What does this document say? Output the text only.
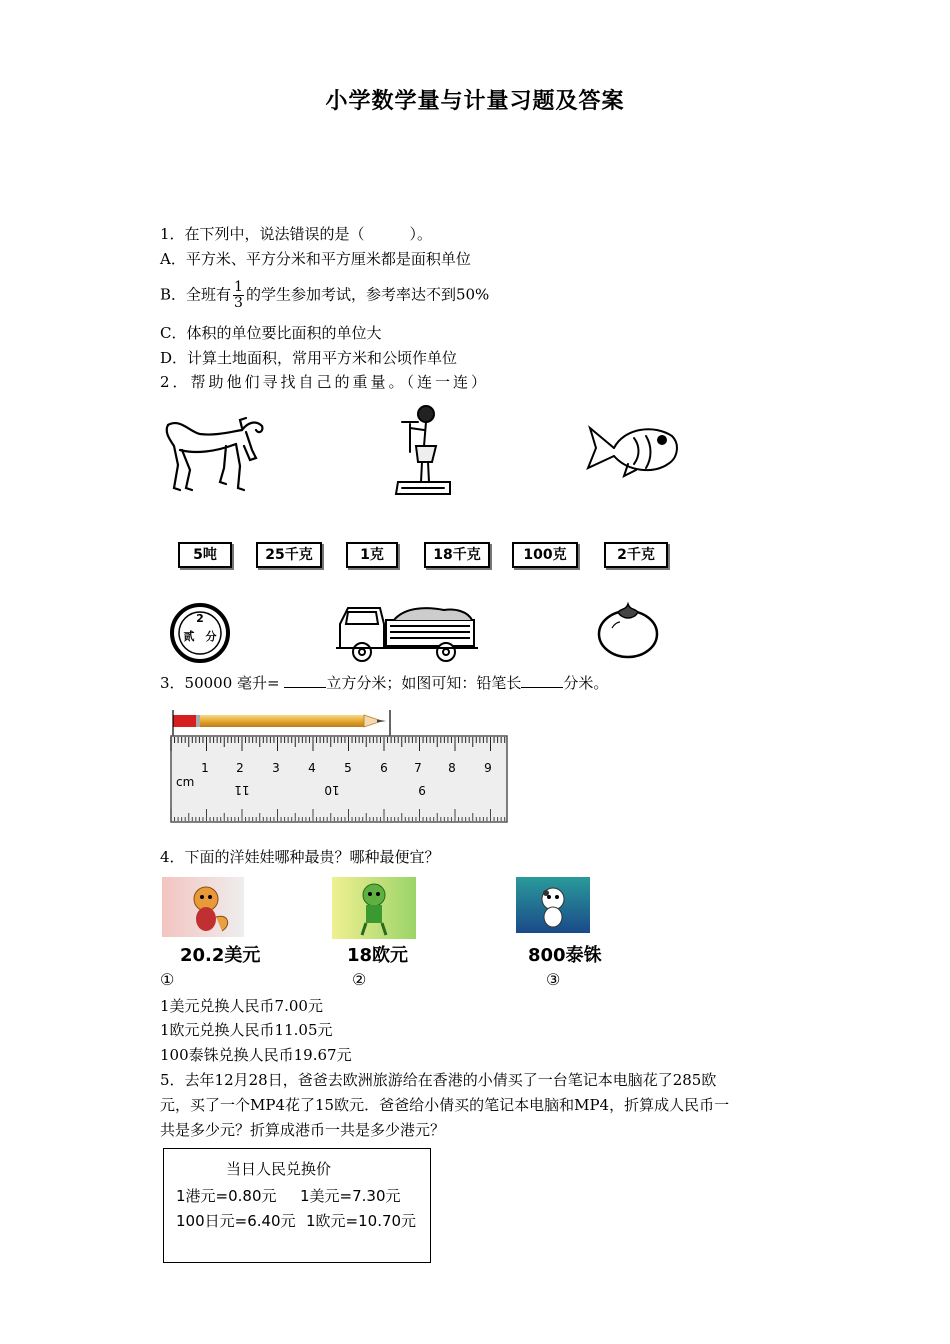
小学数学量与计量习题及答案
1．在下列中，说法错误的是（　　　）。
A．平方米、平方分米和平方厘米都是面积单位
B．全班有 $\frac{1}{3}$ 的学生参加考试，参考率达不到50%
C．体积的单位要比面积的单位大
D．计算土地面积，常用平方米和公顷作单位
2．帮助他们寻找自己的重量。（连一连）
5吨	25千克	1克	18千克	100克	2千克
2
贰 分
3．50000 毫升=	立方分米；如图可知：铅笔长	分米。
cm
1 2 3 4 5 6 7 8 9
11	10	9
4．下面的洋娃娃哪种最贵？哪种最便宜？
20.2美元	18欧元	800泰铢
①	②	③
1美元兑换人民币7.00元
1欧元兑换人民币11.05元
100泰铢兑换人民币19.67元
5．去年12月28日，爸爸去欧洲旅游给在香港的小倩买了一台笔记本电脑花了285欧
元，买了一个MP4花了15欧元．爸爸给小倩买的笔记本电脑和MP4，折算成人民币一
共是多少元？折算成港币一共是多少港元？
当日人民兑换价
1港元=0.80元 1美元=7.30元
100日元=6.40元 1欧元=10.70元
